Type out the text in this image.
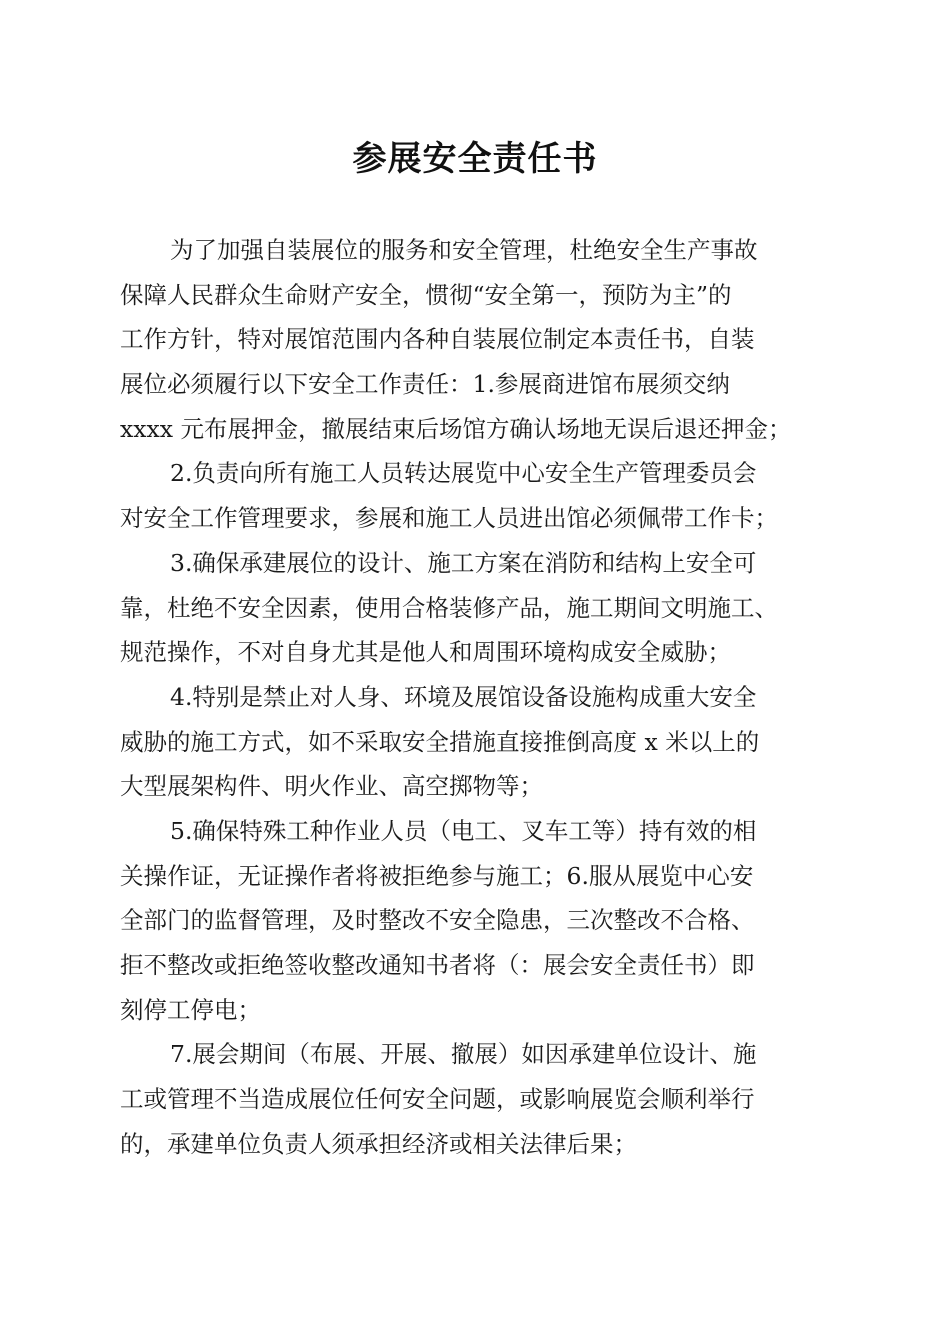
参展安全责任书
为了加强自装展位的服务和安全管理，杜绝安全生产事故
保障人民群众生命财产安全，惯彻“安全第一，预防为主”的
工作方针，特对展馆范围内各种自装展位制定本责任书，自装
展位必须履行以下安全工作责任：1.参展商进馆布展须交纳
xxxx 元布展押金，撤展结束后场馆方确认场地无误后退还押金；
2.负责向所有施工人员转达展览中心安全生产管理委员会
对安全工作管理要求，参展和施工人员进出馆必须佩带工作卡；
3.确保承建展位的设计、施工方案在消防和结构上安全可
靠，杜绝不安全因素，使用合格装修产品，施工期间文明施工、
规范操作，不对自身尤其是他人和周围环境构成安全威胁；
4.特别是禁止对人身、环境及展馆设备设施构成重大安全
威胁的施工方式，如不采取安全措施直接推倒高度 x 米以上的
大型展架构件、明火作业、高空掷物等；
5.确保特殊工种作业人员（电工、叉车工等）持有效的相
关操作证，无证操作者将被拒绝参与施工；6.服从展览中心安
全部门的监督管理，及时整改不安全隐患，三次整改不合格、
拒不整改或拒绝签收整改通知书者将（：展会安全责任书）即
刻停工停电；
7.展会期间（布展、开展、撤展）如因承建单位设计、施
工或管理不当造成展位任何安全问题，或影响展览会顺利举行
的，承建单位负责人须承担经济或相关法律后果；
